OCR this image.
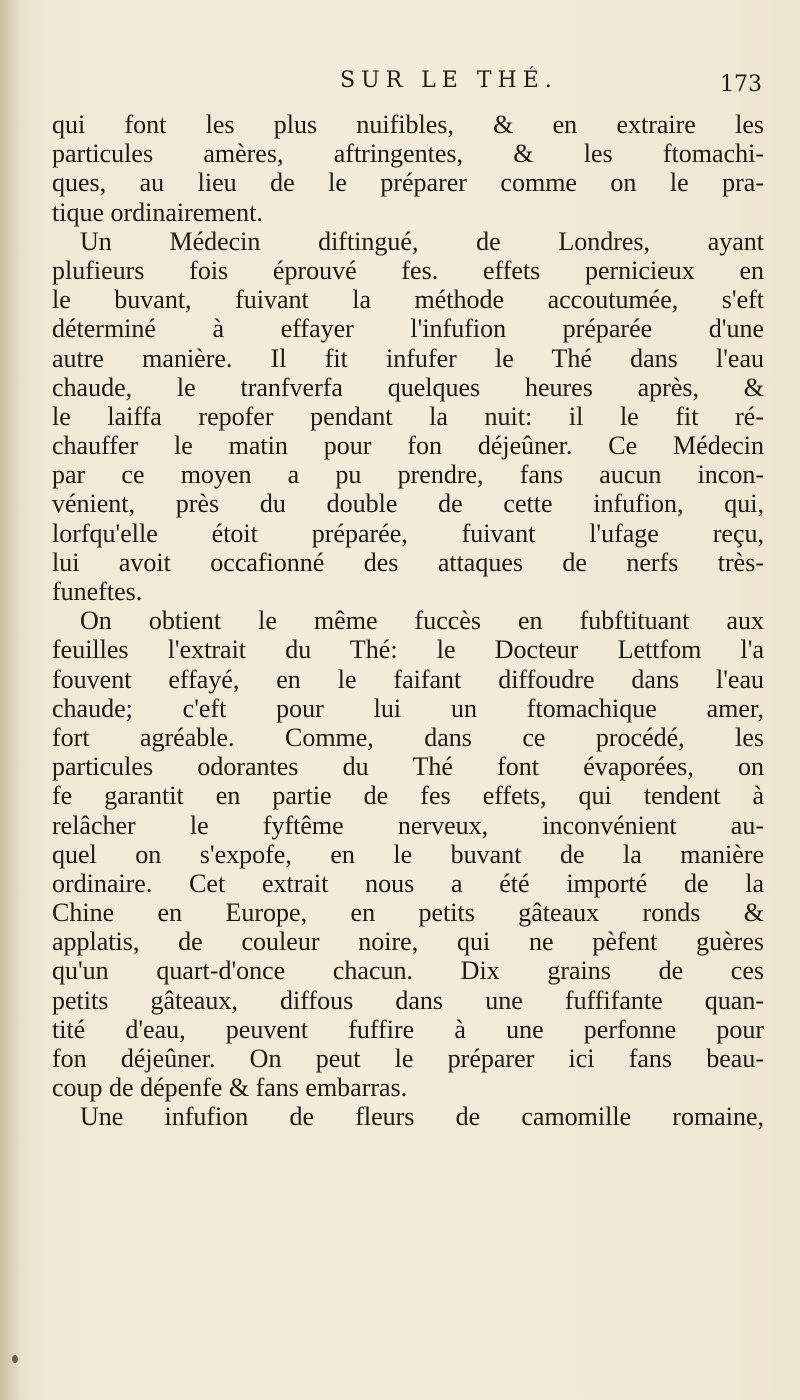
SUR LE THÉ.	173
qui font les plus nuifibles, & en extraire les
particules amères, aftringentes, & les ftomachi-
ques, au lieu de le préparer comme on le pra-
tique ordinairement.
Un Médecin diftingué, de Londres, ayant
plufieurs fois éprouvé fes. effets pernicieux en
le buvant, fuivant la méthode accoutumée, s'eft
déterminé à effayer l'infufion préparée d'une
autre manière. Il fit infufer le Thé dans l'eau
chaude, le tranfverfa quelques heures après, &
le laiffa repofer pendant la nuit: il le fit ré-
chauffer le matin pour fon déjeûner. Ce Médecin
par ce moyen a pu prendre, fans aucun incon-
vénient, près du double de cette infufion, qui,
lorfqu'elle étoit préparée, fuivant l'ufage reçu,
lui avoit occafionné des attaques de nerfs très-
funeftes.
On obtient le même fuccès en fubftituant aux
feuilles l'extrait du Thé: le Docteur Lettfom l'a
fouvent effayé, en le faifant diffoudre dans l'eau
chaude; c'eft pour lui un ftomachique amer,
fort agréable. Comme, dans ce procédé, les
particules odorantes du Thé font évaporées, on
fe garantit en partie de fes effets, qui tendent à
relâcher le fyftême nerveux, inconvénient au-
quel on s'expofe, en le buvant de la manière
ordinaire. Cet extrait nous a été importé de la
Chine en Europe, en petits gâteaux ronds &
applatis, de couleur noire, qui ne pèfent guères
qu'un quart-d'once chacun. Dix grains de ces
petits gâteaux, diffous dans une fuffifante quan-
tité d'eau, peuvent fuffire à une perfonne pour
fon déjeûner. On peut le préparer ici fans beau-
coup de dépenfe & fans embarras.
Une infufion de fleurs de camomille romaine,
